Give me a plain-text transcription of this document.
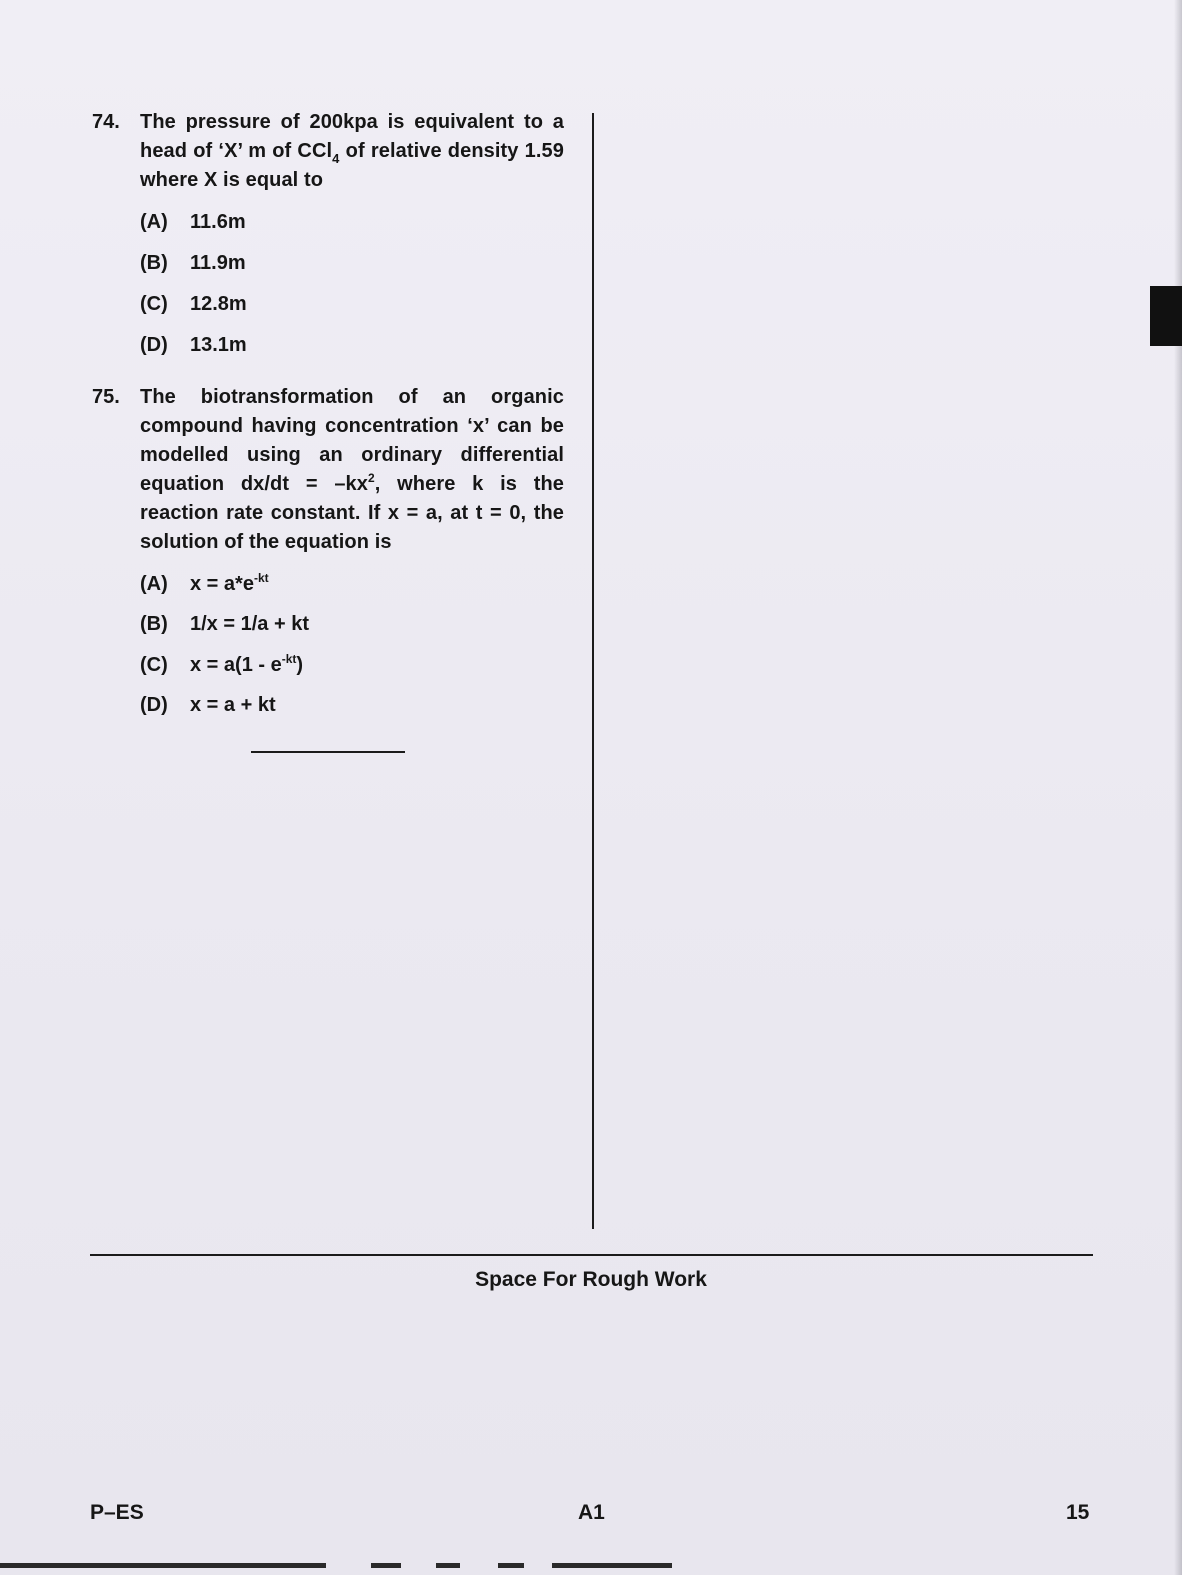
74.	The pressure of 200kpa is equivalent to a head of ‘X’ m of CCl$_4$ of relative density 1.59 where X is equal to
(A) 11.6m
(B) 11.9m
(C) 12.8m
(D) 13.1m
75.	The biotransformation of an organic compound having concentration ‘x’ can be modelled using an ordinary differential equation $dx/dt = -kx^2$, where k is the reaction rate constant. If x = a, at t = 0, the solution of the equation is
(A) $x = a*e^{-kt}$
(B) 1/x = 1/a + kt
(C) $x = a(1 - e^{-kt})$
(D) x = a + kt
Space For Rough Work
P–ES	A1	15
